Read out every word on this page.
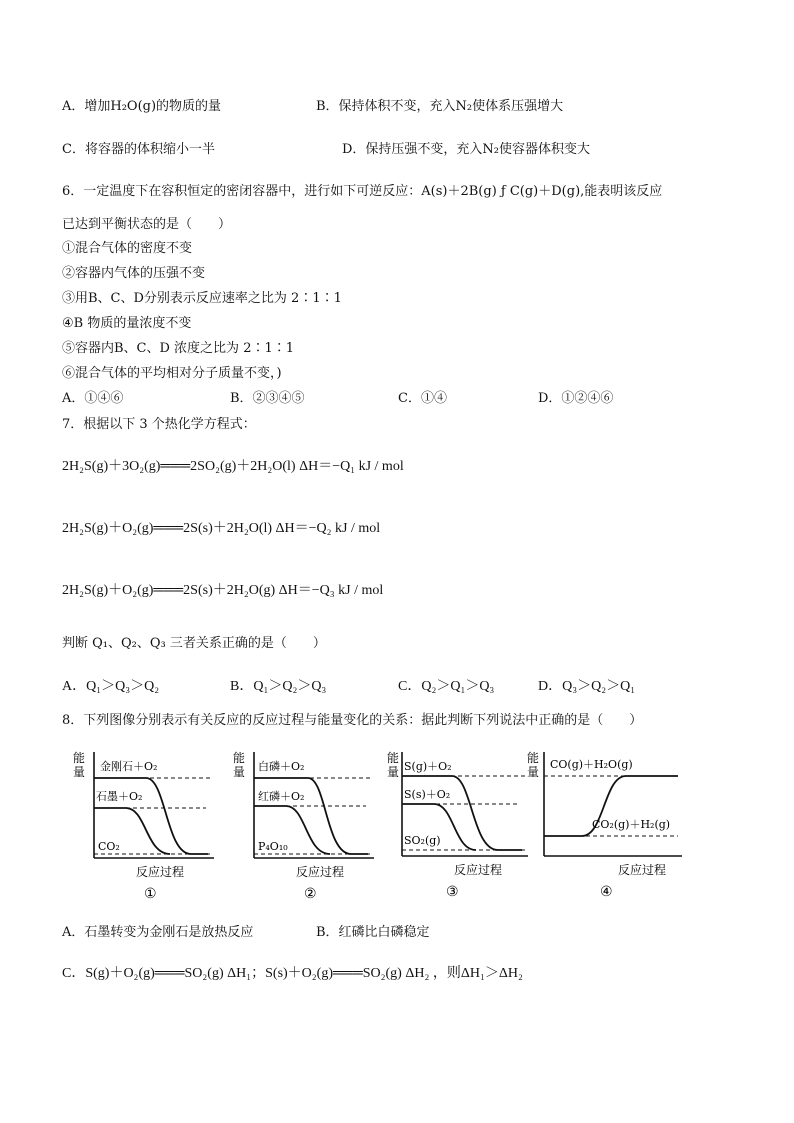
A．增加H₂O(g)的物质的量	B．保持体积不变，充入N₂使体系压强增大
C．将容器的体积缩小一半	D．保持压强不变，充入N₂使容器体积变大
6．一定温度下在容积恒定的密闭容器中，进行如下可逆反应：A(s)＋2B(g) ƒ C(g)＋D(g),能表明该反应
已达到平衡状态的是（　　）
①混合气体的密度不变
②容器内气体的压强不变
③用B、C、D分别表示反应速率之比为 2∶1∶1
④B 物质的量浓度不变
⑤容器内B、C、D 浓度之比为 2∶1∶1
⑥混合气体的平均相对分子质量不变，)
A．①④⑥	B．②③④⑤	C．①④	D．①②④⑥
7．根据以下 3 个热化学方程式：
2H₂S(g)＋3O₂(g)═══2SO₂(g)＋2H₂O(l) ΔH＝−Q₁ kJ / mol
2H₂S(g)＋O₂(g)═══2S(s)＋2H₂O(l) ΔH＝−Q₂ kJ / mol
2H₂S(g)＋O₂(g)═══2S(s)＋2H₂O(g) ΔH＝−Q₃ kJ / mol
判断 Q₁、Q₂、Q₃ 三者关系正确的是（　　）
A．Q₁＞Q₃＞Q₂	B．Q₁＞Q₂＞Q₃	C．Q₂＞Q₁＞Q₃	D．Q₃＞Q₂＞Q₁
8．下列图像分别表示有关反应的反应过程与能量变化的关系：据此判断下列说法中正确的是（　　）
能
量 金刚石＋O₂
石墨＋O₂
CO₂
反应过程
①
能
量 白磷＋O₂
红磷＋O₂
P₄O₁₀
反应过程
②
能
量 S(g)＋O₂
S(s)＋O₂
SO₂(g)
反应过程
③
能
量
CO(g)＋H₂O(g)
CO₂(g)＋H₂(g)
反应过程
④
A．石墨转变为金刚石是放热反应	B．红磷比白磷稳定
C．S(g)＋O₂(g)═══SO₂(g) ΔH₁；S(s)＋O₂(g)═══SO₂(g) ΔH₂ ，则ΔH₁＞ΔH₂
